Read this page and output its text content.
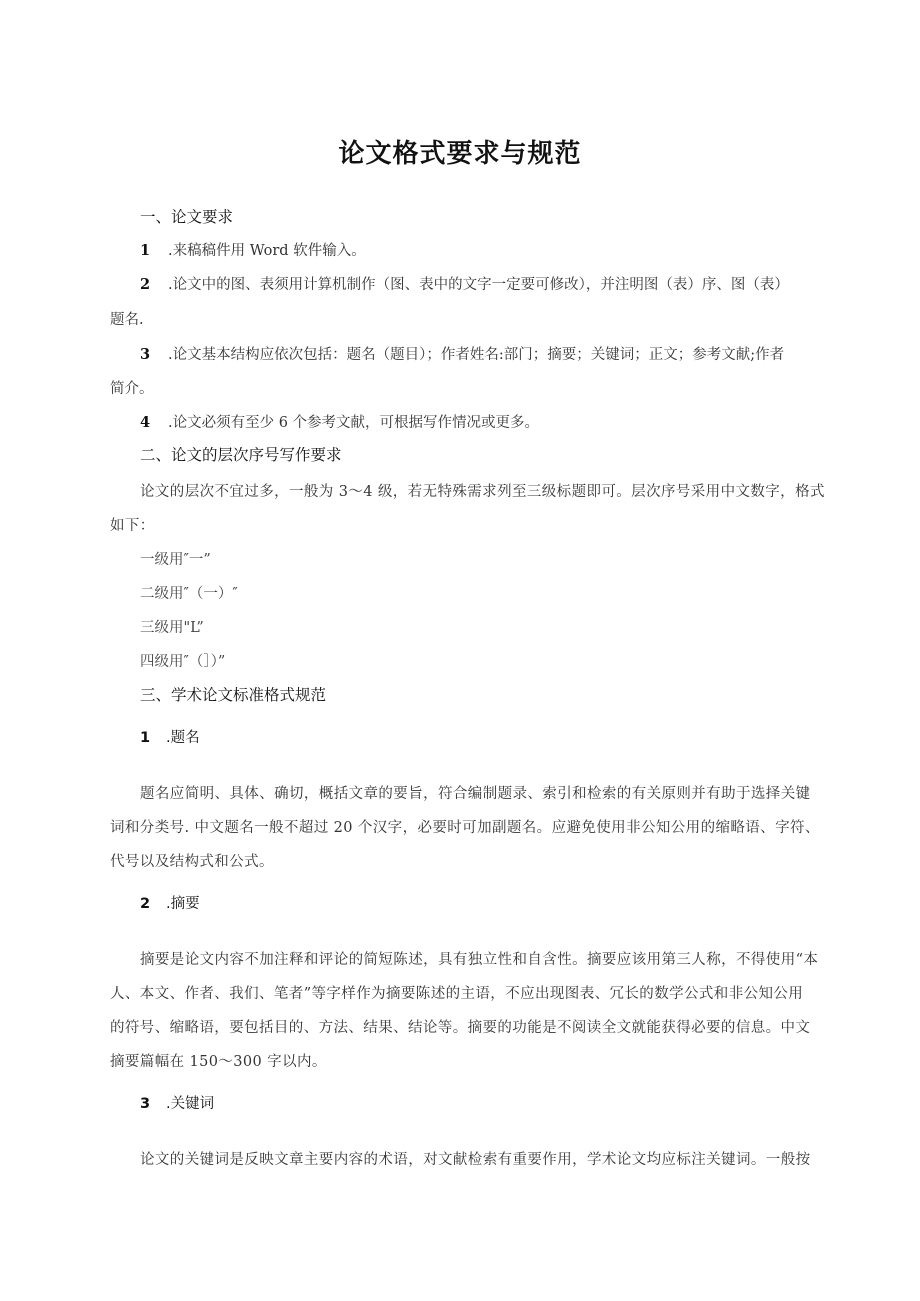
论文格式要求与规范
一、论文要求
1 .来稿稿件用 Word 软件输入。
2 .论文中的图、表须用计算机制作（图、表中的文字一定要可修改），并注明图（表）序、图（表）
题名.
3 .论文基本结构应依次包括：题名（题目）；作者姓名:部门；摘要；关键词；正文；参考文献;作者
简介。
4 .论文必须有至少 6 个参考文献，可根据写作情况或更多。
二、论文的层次序号写作要求
论文的层次不宜过多，一般为 3～4 级，若无特殊需求列至三级标题即可。层次序号采用中文数字，格式
如下：
一级用″一”
二级用″（一）″
三级用"L”
四级用″（］）”
三、学术论文标准格式规范
1 .题名
题名应简明、具体、确切，概括文章的要旨，符合编制题录、索引和检索的有关原则并有助于选择关键
词和分类号. 中文题名一般不超过 20 个汉字，必要时可加副题名。应避免使用非公知公用的缩略语、字符、
代号以及结构式和公式。
2 .摘要
摘要是论文内容不加注释和评论的简短陈述，具有独立性和自含性。摘要应该用第三人称，不得使用“本
人、本文、作者、我们、笔者”等字样作为摘要陈述的主语，不应出现图表、冗长的数学公式和非公知公用
的符号、缩略语，要包括目的、方法、结果、结论等。摘要的功能是不阅读全文就能获得必要的信息。中文
摘要篇幅在 150～300 字以内。
3 .关键词
论文的关键词是反映文章主要内容的术语，对文献检索有重要作用，学术论文均应标注关键词。一般按
